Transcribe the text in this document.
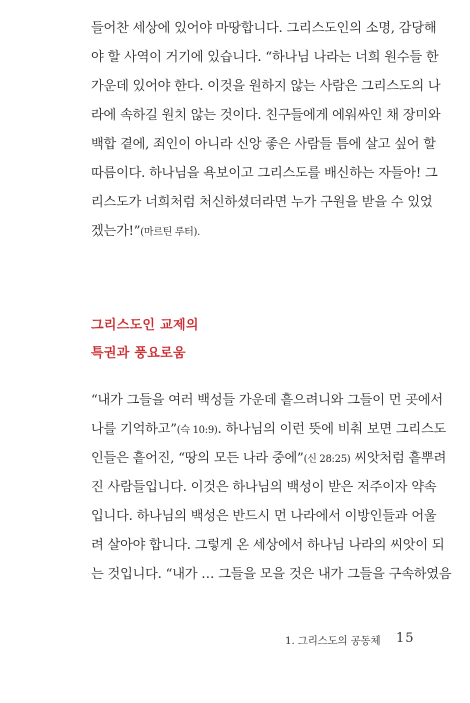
들어찬 세상에 있어야 마땅합니다. 그리스도인의 소명, 감당해
야 할 사역이 거기에 있습니다. “하나님 나라는 너희 원수들 한
가운데 있어야 한다. 이것을 원하지 않는 사람은 그리스도의 나
라에 속하길 원치 않는 것이다. 친구들에게 에워싸인 채 장미와
백합 곁에, 죄인이 아니라 신앙 좋은 사람들 틈에 살고 싶어 할
따름이다. 하나님을 욕보이고 그리스도를 배신하는 자들아! 그
리스도가 너희처럼 처신하셨더라면 누가 구원을 받을 수 있었
겠는가!”(마르틴 루터).
그리스도인 교제의
특권과 풍요로움
“내가 그들을 여러 백성들 가운데 흩으려니와 그들이 먼 곳에서
나를 기억하고”(슥 10:9). 하나님의 이런 뜻에 비춰 보면 그리스도
인들은 흩어진, “땅의 모든 나라 중에”(신 28:25) 씨앗처럼 흩뿌려
진 사람들입니다. 이것은 하나님의 백성이 받은 저주이자 약속
입니다. 하나님의 백성은 반드시 먼 나라에서 이방인들과 어울
려 살아야 합니다. 그렇게 온 세상에서 하나님 나라의 씨앗이 되
는 것입니다. “내가 … 그들을 모을 것은 내가 그들을 구속하였음
1. 그리스도의 공동체 15
